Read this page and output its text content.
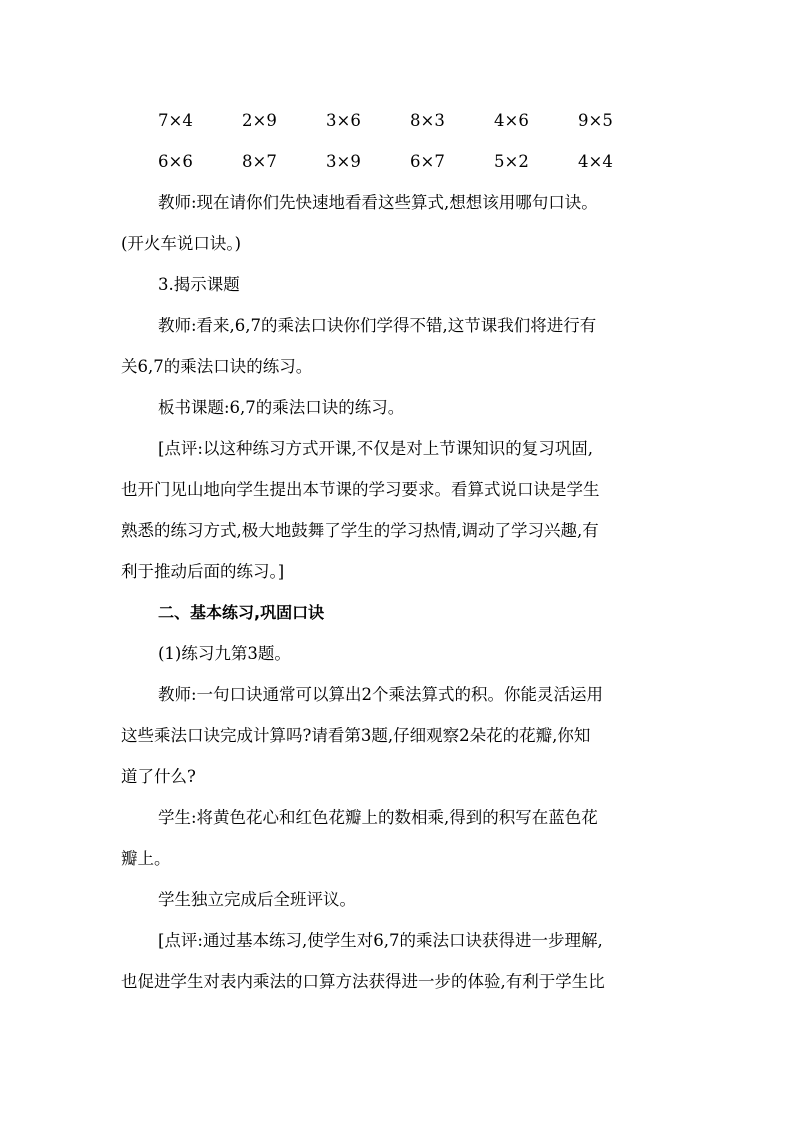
7×4	2×9	3×6	8×3	4×6	9×5
6×6	8×7	3×9	6×7	5×2	4×4

教师:现在请你们先快速地看看这些算式,想想该用哪句口诀。

(开火车说口诀。)

3.揭示课题

教师:看来,6,7的乘法口诀你们学得不错,这节课我们将进行有

关6,7的乘法口诀的练习。

板书课题:6,7的乘法口诀的练习。

[点评:以这种练习方式开课,不仅是对上节课知识的复习巩固,

也开门见山地向学生提出本节课的学习要求。看算式说口诀是学生

熟悉的练习方式,极大地鼓舞了学生的学习热情,调动了学习兴趣,有

利于推动后面的练习。]

二、基本练习,巩固口诀

(1)练习九第3题。

教师:一句口诀通常可以算出2个乘法算式的积。你能灵活运用

这些乘法口诀完成计算吗?请看第3题,仔细观察2朵花的花瓣,你知

道了什么?

学生:将黄色花心和红色花瓣上的数相乘,得到的积写在蓝色花

瓣上。

学生独立完成后全班评议。

[点评:通过基本练习,使学生对6,7的乘法口诀获得进一步理解,

也促进学生对表内乘法的口算方法获得进一步的体验,有利于学生比
